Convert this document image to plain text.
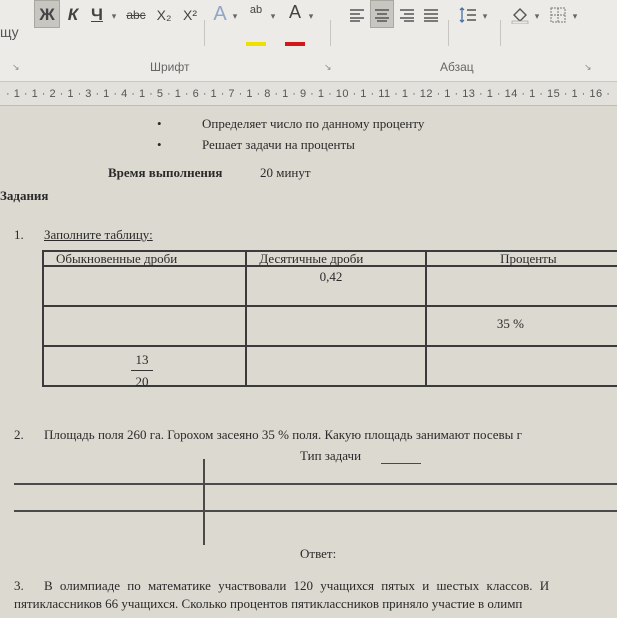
щу
Ж К Ч ▾ abc X₂ X² A ▾	ab ▾ A ▾	▾	▾	▾
↘	Шрифт	↘	Абзац	↘
· 1 · 1 · 2 · 1 · 3 · 1 · 4 · 1 · 5 · 1 · 6 · 1 · 7 · 1 · 8 · 1 · 9 · 1 · 10 · 1 · 11 · 1 · 12 · 1 · 13 · 1 · 14 · 1 · 15 · 1 · 16 ·
•	Определяет число по данному проценту
•	Решает задачи на проценты
Время выполнения	20 минут
Задания
1. Заполните таблицу:
Обыкновенные дроби	Десятичные дроби	Проценты

	0,42	

		35 %

13
20
2. Площадь поля 260 га. Горохом засеяно 35 % поля. Какую площадь занимают посевы г
Тип задачи
Ответ:
3. В олимпиаде по математике участвовали 120 учащихся пятых и шестых классов. И
пятиклассников 66 учащихся. Сколько процентов пятиклассников приняло участие в олимп
